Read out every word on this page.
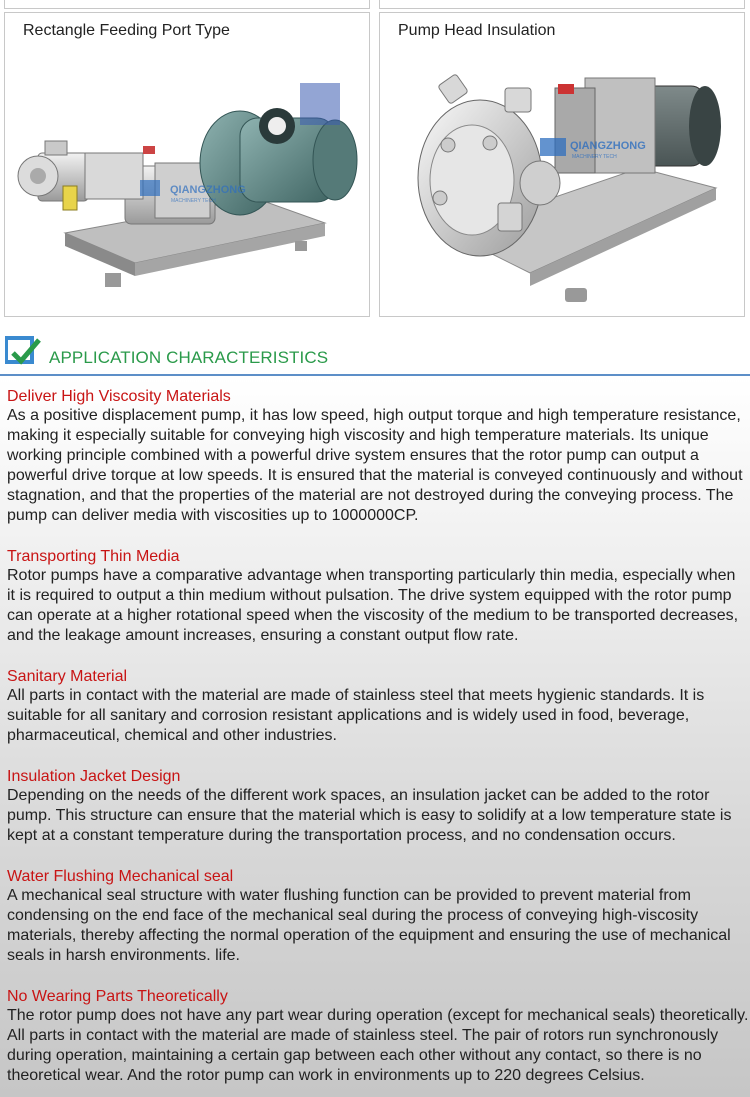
Rectangle Feeding Port Type
QIANGZHONG
MACHINERY TECH
Pump Head Insulation
QIANGZHONG
MACHINERY TECH
APPLICATION CHARACTERISTICS

Deliver High Viscosity Materials

As a positive displacement pump, it has low speed, high output torque and high temperature resistance,

making it especially suitable for conveying high viscosity and high temperature materials. Its unique

working principle combined with a powerful drive system ensures that the rotor pump can output a

powerful drive torque at low speeds. It is ensured that the material is conveyed continuously and without

stagnation, and that the properties of the material are not destroyed during the conveying process. The

pump can deliver media with viscosities up to 1000000CP.

Transporting Thin Media

Rotor pumps have a comparative advantage when transporting particularly thin media, especially when

it is required to output a thin medium without pulsation. The drive system equipped with the rotor pump

can operate at a higher rotational speed when the viscosity of the medium to be transported decreases,

and the leakage amount increases, ensuring a constant output flow rate.

Sanitary Material

All parts in contact with the material are made of stainless steel that meets hygienic standards. It is

suitable for all sanitary and corrosion resistant applications and is widely used in food, beverage,

pharmaceutical, chemical and other industries.

Insulation Jacket Design

Depending on the needs of the different work spaces, an insulation jacket can be added to the rotor

pump. This structure can ensure that the material which is easy to solidify at a low temperature state is

kept at a constant temperature during the transportation process, and no condensation occurs.

Water Flushing Mechanical seal

A mechanical seal structure with water flushing function can be provided to prevent material from

condensing on the end face of the mechanical seal during the process of conveying high-viscosity

materials, thereby affecting the normal operation of the equipment and ensuring the use of mechanical

seals in harsh environments. life.

No Wearing Parts Theoretically

The rotor pump does not have any part wear during operation (except for mechanical seals) theoretically.

All parts in contact with the material are made of stainless steel. The pair of rotors run synchronously

during operation, maintaining a certain gap between each other without any contact, so there is no

theoretical wear. And the rotor pump can work in environments up to 220 degrees Celsius.
